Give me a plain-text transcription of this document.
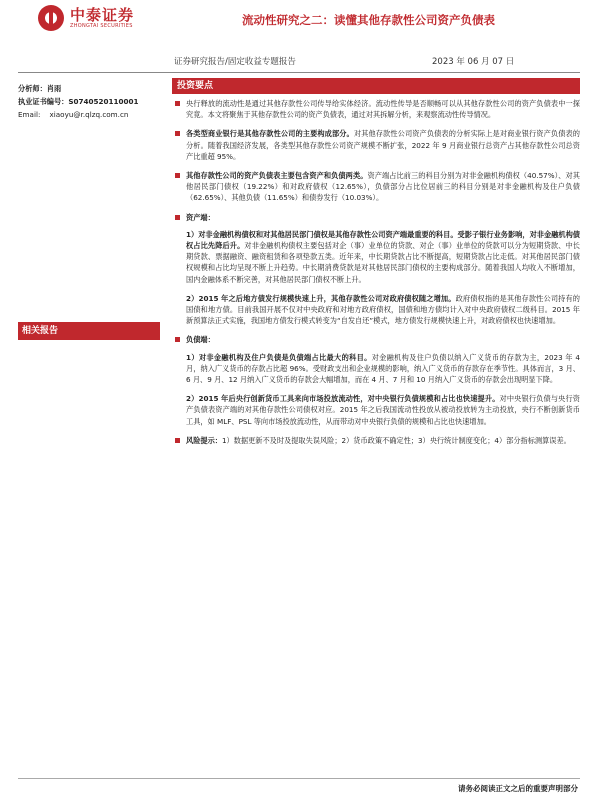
中泰证券
ZHONGTAI SECURITIES	流动性研究之二：读懂其他存款性公司资产负债表
证券研究报告/固定收益专题报告	2023 年 06 月 07 日
分析师：肖雨
执业证书编号：S0740520110001
Email: xiaoyu@r.qlzq.com.cn
相关报告
投资要点
央行释放的流动性是通过其他存款性公司传导给实体经济。流动性传导是否顺畅可以从其他存款性公司的资产负债表中一探究竟。本文将聚焦于其他存款性公司的资产负债表，通过对其拆解分析，来观察流动性传导情况。
各类型商业银行是其他存款性公司的主要构成部分。对其他存款性公司资产负债表的分析实际上是对商业银行资产负债表的分析。随着我国经济发展，各类型其他存款性公司资产规模不断扩张，2022 年 9 月商业银行总资产占其他存款性公司总资产比重超 95%。
其他存款性公司的资产负债表主要包含资产和负债两类。资产端占比前三的科目分别为对非金融机构债权（40.57%）、对其他居民部门债权（19.22%）和对政府债权（12.65%），负债部分占比位居前三的科目分别是对非金融机构及住户负债（62.65%）、其他负债（11.65%）和债券发行（10.03%）。
资产端：
1）对非金融机构债权和对其他居民部门债权是其他存款性公司资产端最重要的科目。受影子银行业务影响，对非金融机构债权占比先降后升。对非金融机构债权主要包括对企（事）业单位的贷款、对企（事）业单位的贷款可以分为短期贷款、中长期贷款、票据融资、融资租赁和各项垫款五类。近年来，中长期贷款占比不断提高，短期贷款占比走低。对其他居民部门债权规模和占比均呈现不断上升趋势。中长期消费贷款是对其他居民部门债权的主要构成部分。随着我国人均收入不断增加，国内金融体系不断完善，对其他居民部门债权不断上升。
2）2015 年之后地方债发行规模快速上升，其他存款性公司对政府债权随之增加。政府债权指的是其他存款性公司持有的国债和地方债。目前我国开展不仅对中央政府和对地方政府债权，国债和地方债均计入对中央政府债权二级科目。2015 年新预算法正式实施，我国地方债发行模式转变为“自发自还”模式，地方债发行规模快速上升，对政府债权也快速增加。
负债端：
1）对非金融机构及住户负债是负债端占比最大的科目。对金融机构及住户负债以纳入广义货币的存款为主，2023 年 4 月，纳入广义货币的存款占比超 96%。受财政支出和企业规模的影响，纳入广义货币的存款存在季节性。具体而言，3 月、6 月、9 月、12 月纳入广义货币的存款会大幅增加，而在 4 月、7 月和 10 月纳入广义货币的存款会出现明显下降。
2）2015 年后央行创新货币工具来向市场投放流动性，对中央银行负债规模和占比也快速提升。对中央银行负债与央行资产负债表资产端的对其他存款性公司债权对应。2015 年之后我国流动性投放从被动投放转为主动投放，央行不断创新货币工具，如 MLF、PSL 等向市场投放流动性，从而带动对中央银行负债的规模和占比也快速增加。
风险提示：1）数据更新不及时及提取失误风险；2）货币政策不确定性；3）央行统计制度变化；4）部分指标测算误差。
请务必阅读正文之后的重要声明部分
